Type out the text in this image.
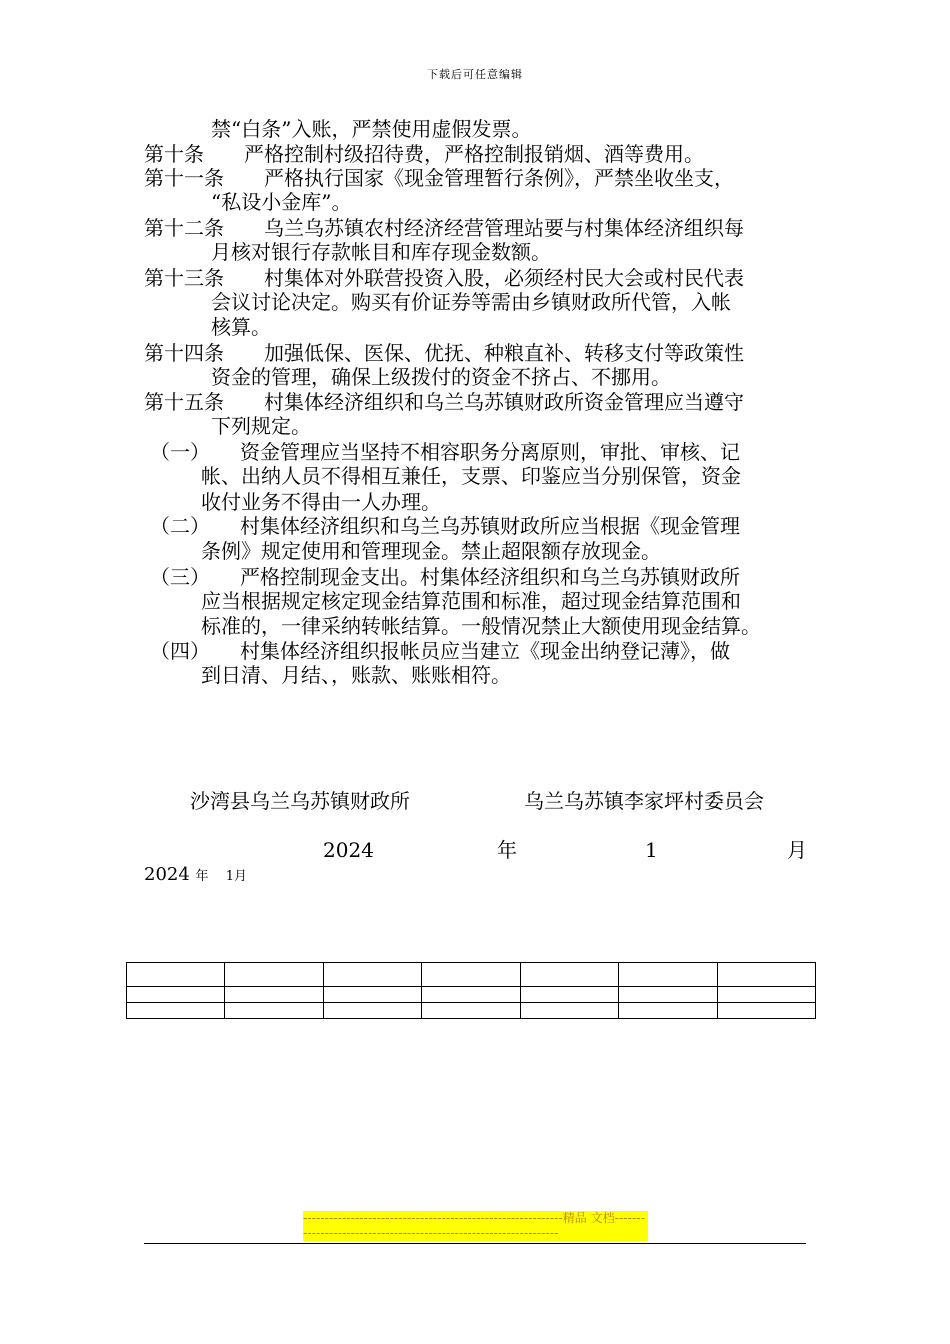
下载后可任意编辑
禁“白条”入账，严禁使用虚假发票。
第十条　　严格控制村级招待费，严格控制报销烟、酒等费用。
第十一条　　严格执行国家《现金管理暂行条例》，严禁坐收坐支，
“私设小金库”。
第十二条　　乌兰乌苏镇农村经济经营管理站要与村集体经济组织每
月核对银行存款帐目和库存现金数额。
第十三条　　村集体对外联营投资入股，必须经村民大会或村民代表
会议讨论决定。购买有价证券等需由乡镇财政所代管，入帐
核算。
第十四条　　加强低保、医保、优抚、种粮直补、转移支付等政策性
资金的管理，确保上级拨付的资金不挤占、不挪用。
第十五条　　村集体经济组织和乌兰乌苏镇财政所资金管理应当遵守
下列规定。
（一）　　资金管理应当坚持不相容职务分离原则，审批、审核、记
帐、出纳人员不得相互兼任，支票、印鉴应当分别保管，资金
收付业务不得由一人办理。
（二）　　村集体经济组织和乌兰乌苏镇财政所应当根据《现金管理
条例》规定使用和管理现金。禁止超限额存放现金。
（三）　　严格控制现金支出。村集体经济组织和乌兰乌苏镇财政所
应当根据规定核定现金结算范围和标准，超过现金结算范围和
标准的，一律采纳转帐结算。一般情况禁止大额使用现金结算。
（四）　　村集体经济组织报帐员应当建立《现金出纳登记薄》，做
到日清、月结、，账款、账账相符。
沙湾县乌兰乌苏镇财政所	乌兰乌苏镇李家坪村委员会
2024	年	1	月
2024 年 1月

------------------------------------------------------------精品 文档------------------------------------------------------------------
